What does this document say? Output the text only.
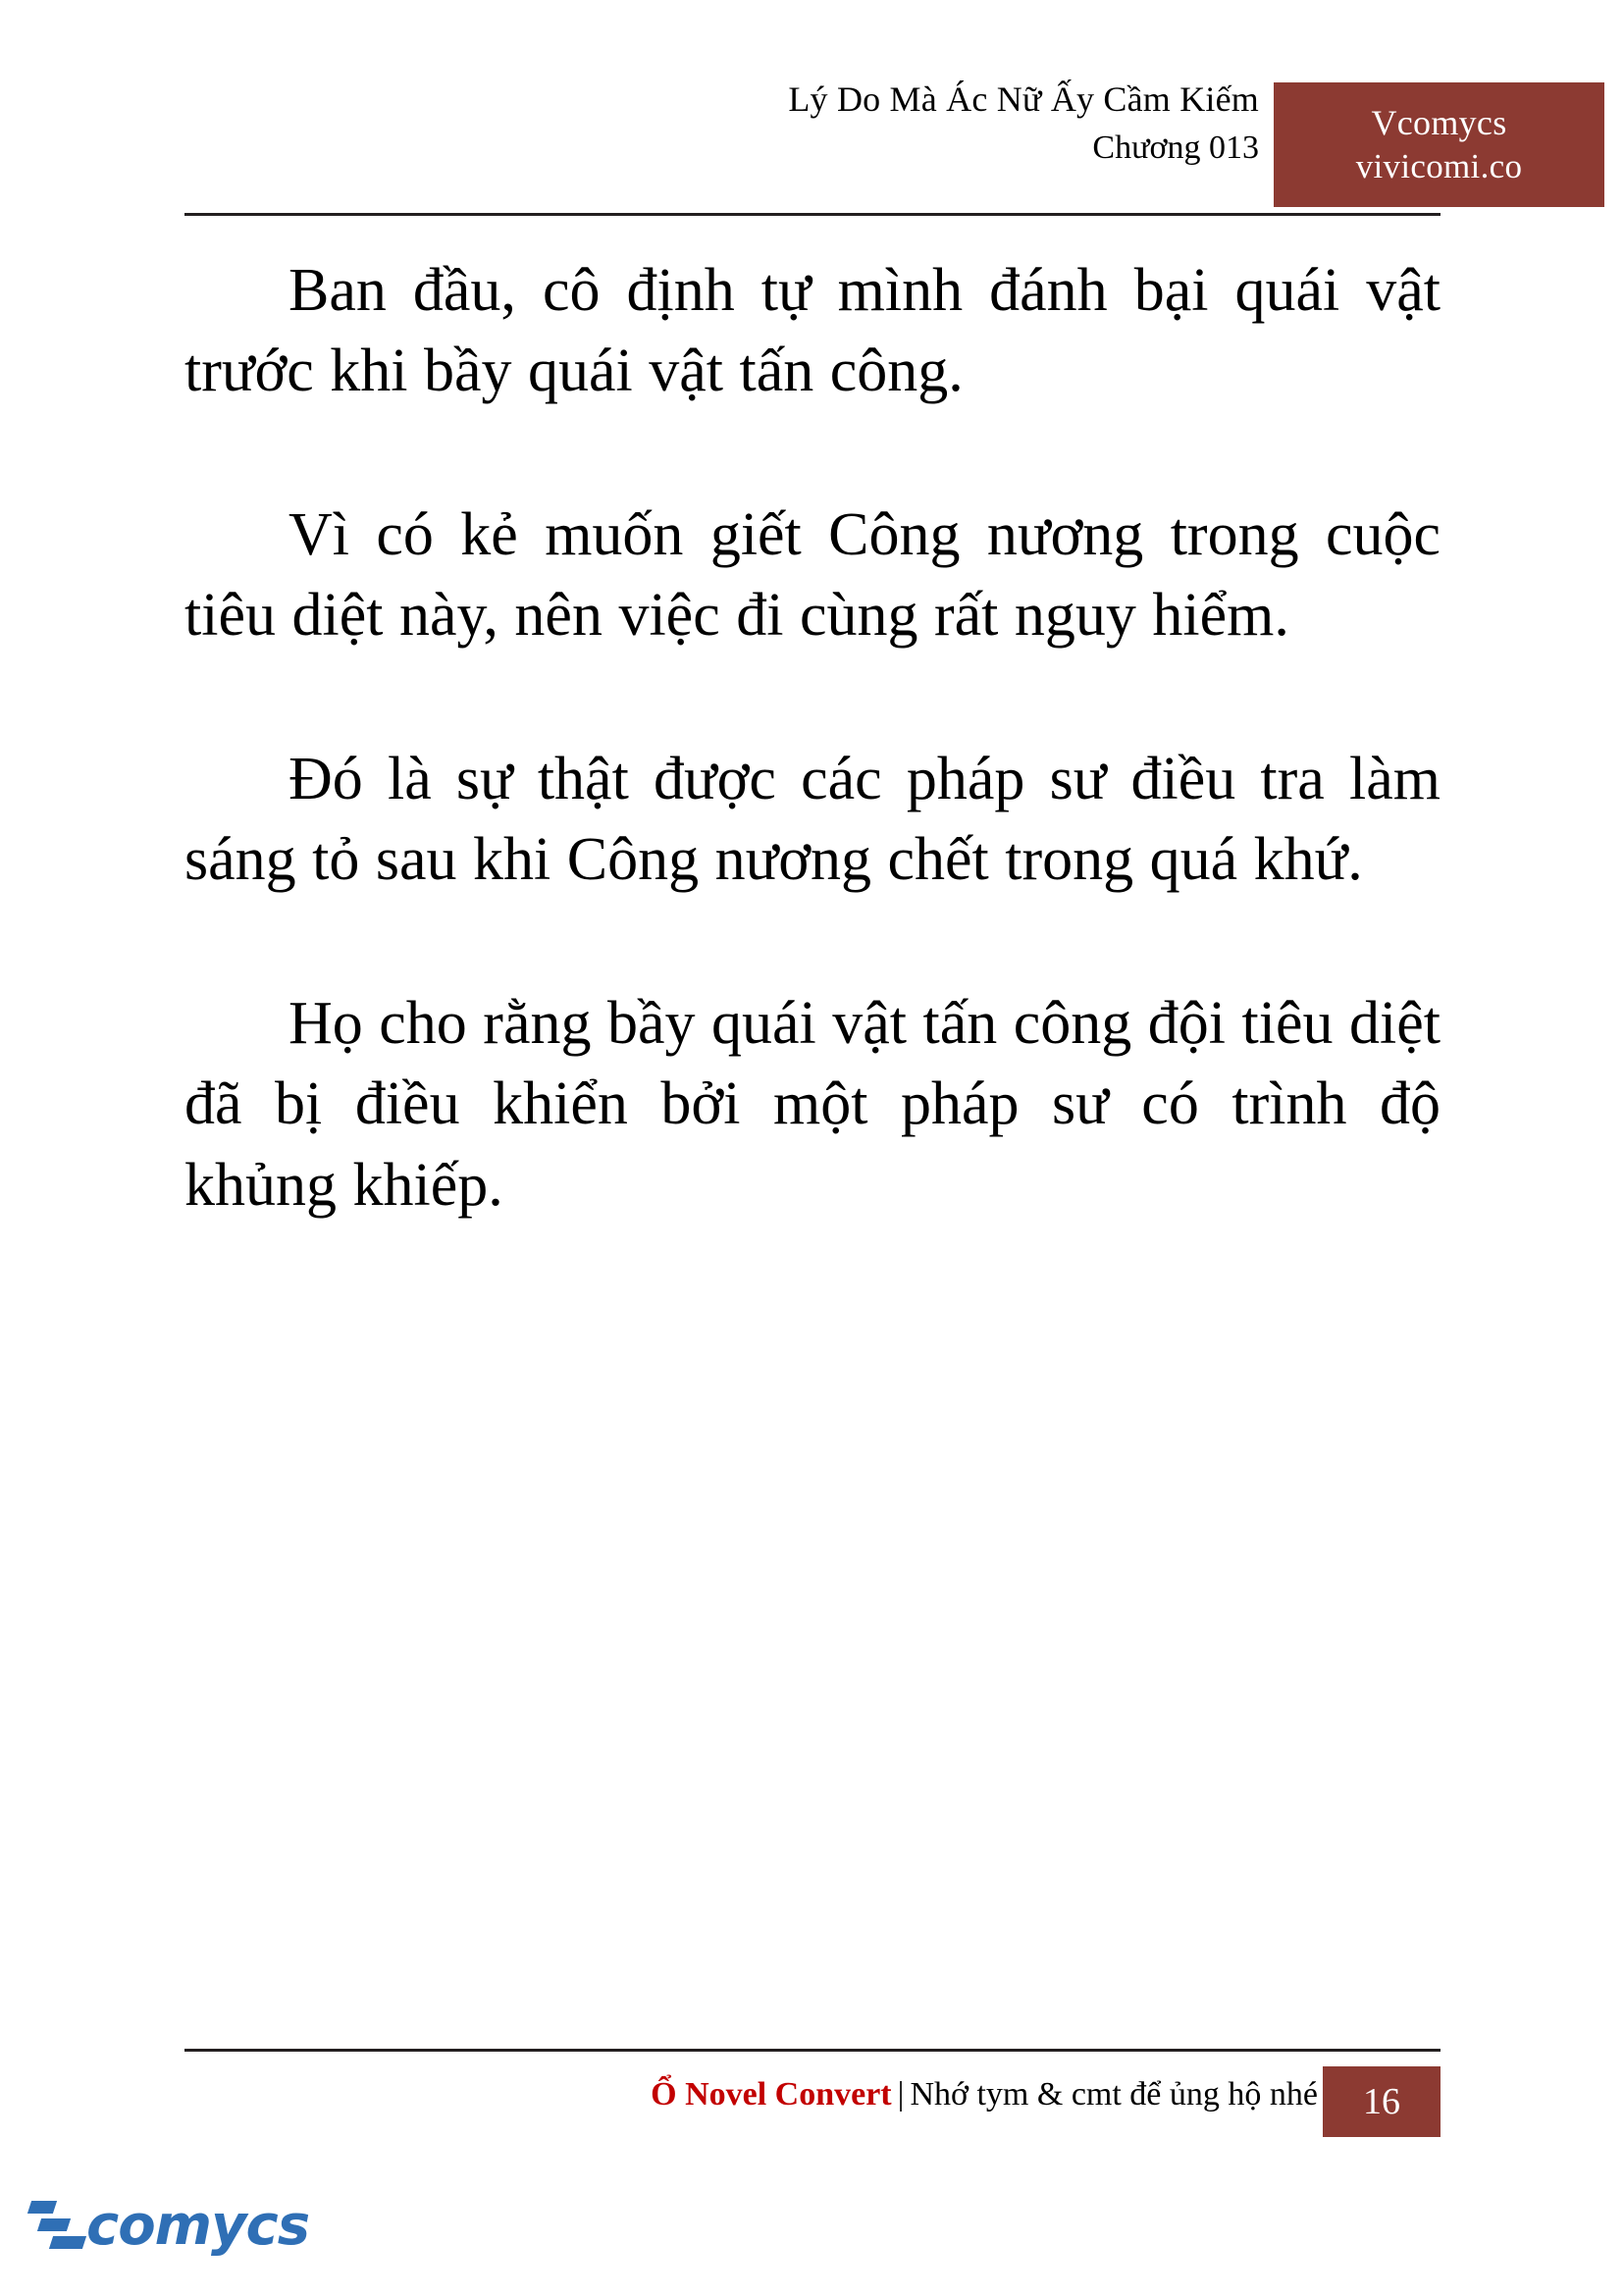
Lý Do Mà Ác Nữ Ấy Cầm Kiếm
Chương 013
Vcomycs
vivicomi.co

Ban đầu, cô định tự mình đánh bại quái vật trước khi bầy quái vật tấn công.

Vì có kẻ muốn giết Công nương trong cuộc tiêu diệt này, nên việc đi cùng rất nguy hiểm.

Đó là sự thật được các pháp sư điều tra làm sáng tỏ sau khi Công nương chết trong quá khứ.

Họ cho rằng bầy quái vật tấn công đội tiêu diệt đã bị điều khiển bởi một pháp sư có trình độ khủng khiếp.

Ổ Novel Convert | Nhớ tym & cmt để ủng hộ nhé	16
comycs
